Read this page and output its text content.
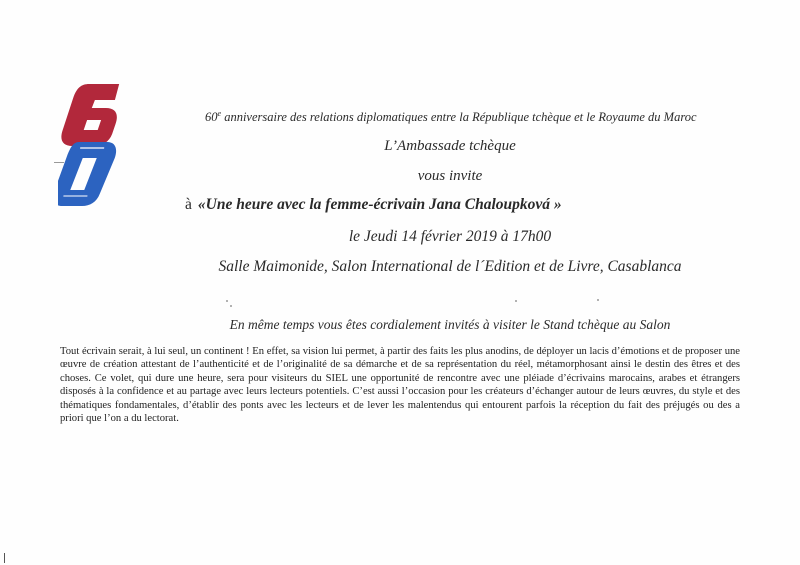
60e anniversaire des relations diplomatiques entre la République tchèque et le Royaume du Maroc
L’Ambassade tchèque
vous invite
à «Une heure avec la femme-écrivain Jana Chaloupková »
le Jeudi 14 février 2019 à 17h00
Salle Maimonide, Salon International de l´Edition et de Livre, Casablanca
En même temps vous êtes cordialement invités à visiter le Stand tchèque au Salon
Tout écrivain serait, à lui seul, un continent ! En effet, sa vision lui permet, à partir des faits les plus anodins, de déployer un lacis d’émotions et de proposer une œuvre de création attestant de l’authenticité et de l’originalité de sa démarche et de sa représentation du réel, métamorphosant ainsi le destin des êtres et des choses. Ce volet, qui dure une heure, sera pour visiteurs du SIEL une opportunité de rencontre avec une pléiade d’écrivains marocains, arabes et étrangers disposés à la confidence et au partage avec leurs lecteurs potentiels. C’est aussi l’occasion pour les créateurs d’échanger autour de leurs œuvres, du style et des thématiques fondamentales, d’établir des ponts avec les lecteurs et de lever les malentendus qui entourent parfois la réception du fait des préjugés ou des a priori que l’on a du lectorat.
